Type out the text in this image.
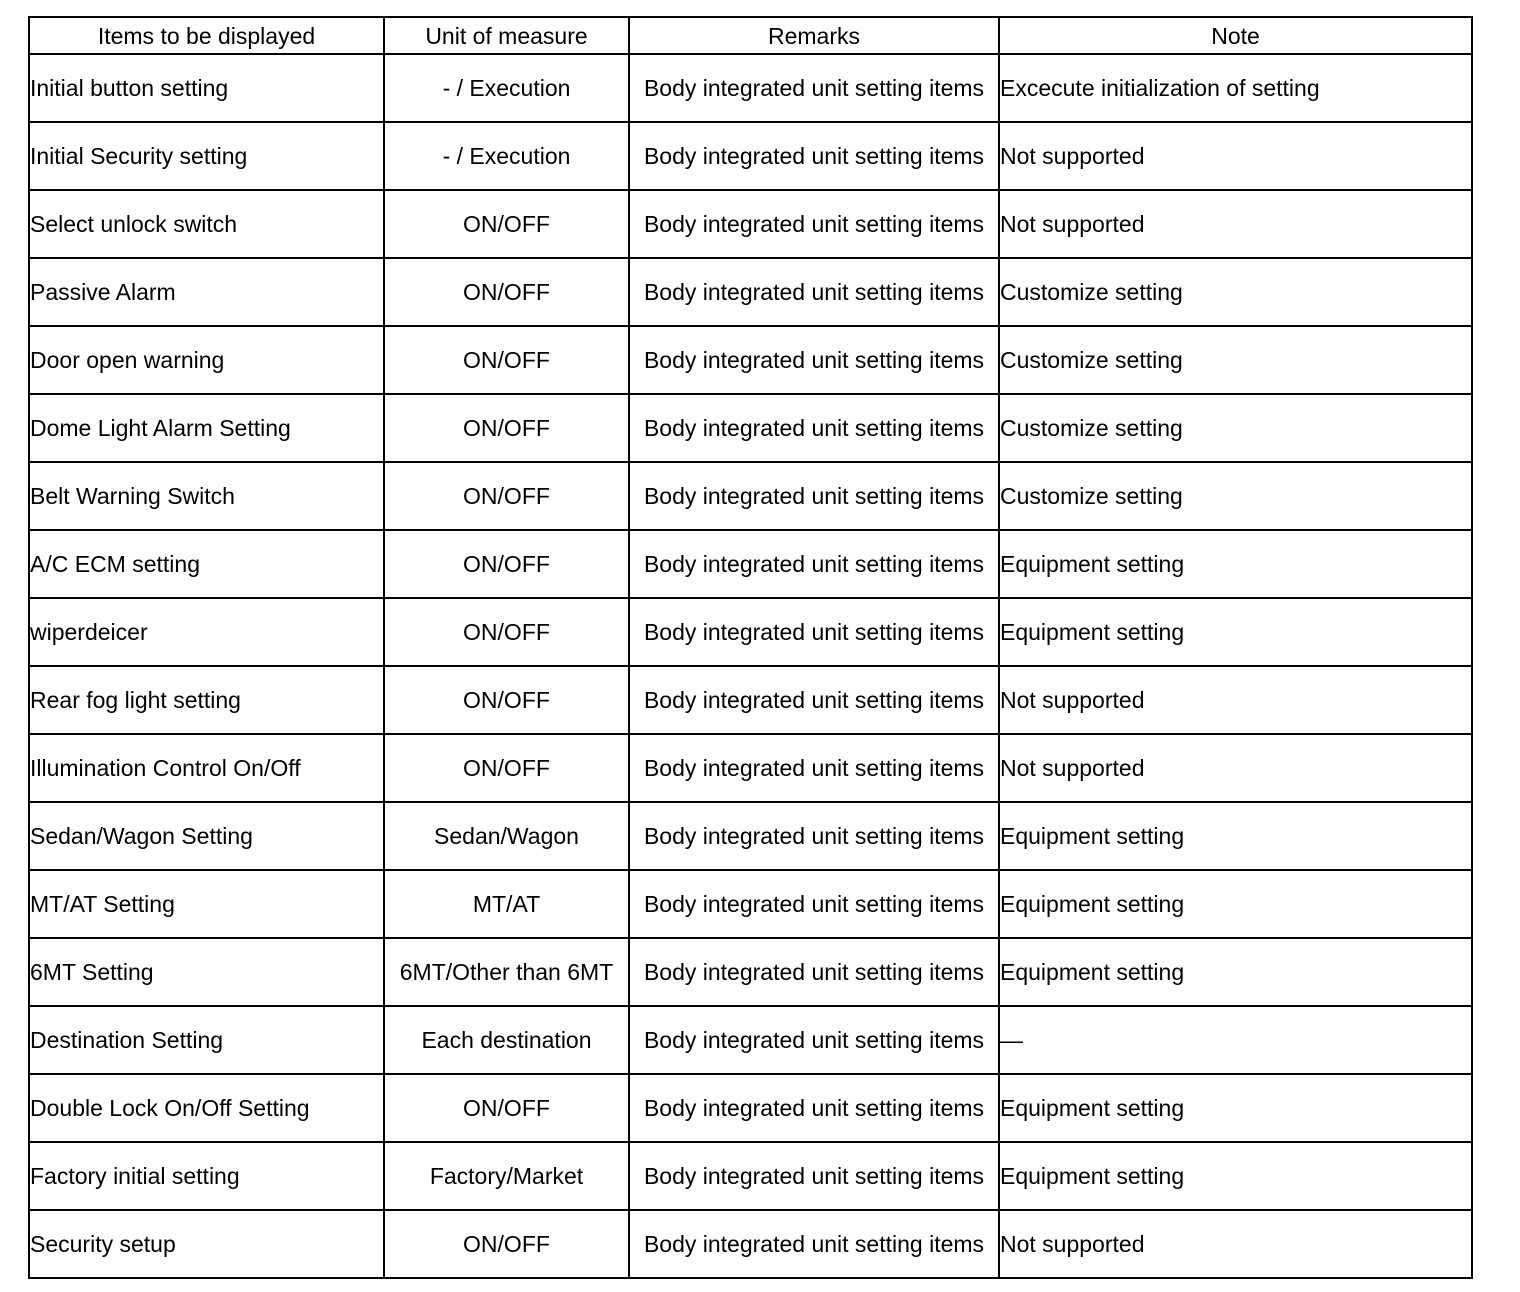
Items to be displayed	Unit of measure	Remarks	Note
Initial button setting	- / Execution	Body integrated unit setting items	Excecute initialization of setting
Initial Security setting	- / Execution	Body integrated unit setting items	Not supported
Select unlock switch	ON/OFF	Body integrated unit setting items	Not supported
Passive Alarm	ON/OFF	Body integrated unit setting items	Customize setting
Door open warning	ON/OFF	Body integrated unit setting items	Customize setting
Dome Light Alarm Setting	ON/OFF	Body integrated unit setting items	Customize setting
Belt Warning Switch	ON/OFF	Body integrated unit setting items	Customize setting
A/C ECM setting	ON/OFF	Body integrated unit setting items	Equipment setting
wiperdeicer	ON/OFF	Body integrated unit setting items	Equipment setting
Rear fog light setting	ON/OFF	Body integrated unit setting items	Not supported
Illumination Control On/Off	ON/OFF	Body integrated unit setting items	Not supported
Sedan/Wagon Setting	Sedan/Wagon	Body integrated unit setting items	Equipment setting
MT/AT Setting	MT/AT	Body integrated unit setting items	Equipment setting
6MT Setting	6MT/Other than 6MT	Body integrated unit setting items	Equipment setting
Destination Setting	Each destination	Body integrated unit setting items	—
Double Lock On/Off Setting	ON/OFF	Body integrated unit setting items	Equipment setting
Factory initial setting	Factory/Market	Body integrated unit setting items	Equipment setting
Security setup	ON/OFF	Body integrated unit setting items	Not supported
